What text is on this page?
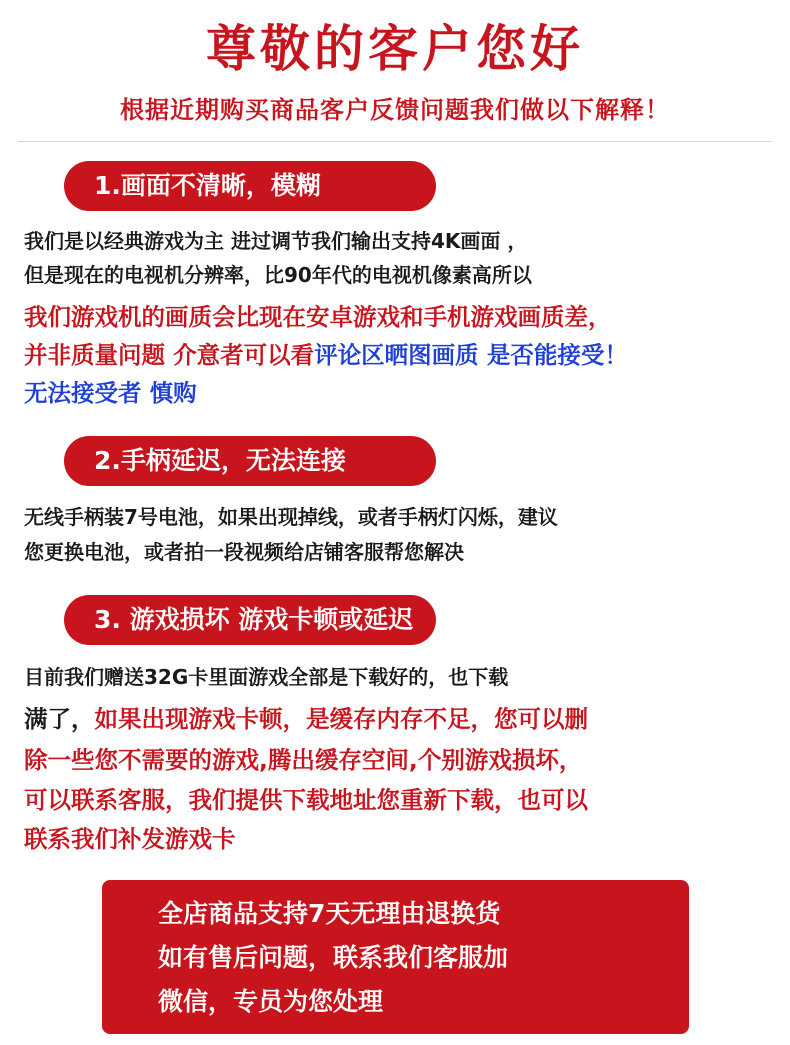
尊敬的客户您好
根据近期购买商品客户反馈问题我们做以下解释！
1.画面不清晰，模糊
我们是以经典游戏为主 进过调节我们输出支持4K画面 ，
但是现在的电视机分辨率，比90年代的电视机像素高所以
我们游戏机的画质会比现在安卓游戏和手机游戏画质差，
并非质量问题 介意者可以看评论区晒图画质 是否能接受！
无法接受者 慎购
2.手柄延迟，无法连接
无线手柄装7号电池，如果出现掉线，或者手柄灯闪烁，建议
您更换电池，或者拍一段视频给店铺客服帮您解决
3. 游戏损坏 游戏卡顿或延迟
目前我们赠送32G卡里面游戏全部是下载好的，也下载
满了，如果出现游戏卡顿，是缓存内存不足，您可以删
除一些您不需要的游戏,腾出缓存空间,个别游戏损坏，
可以联系客服，我们提供下载地址您重新下载，也可以
联系我们补发游戏卡
全店商品支持7天无理由退换货
如有售后问题，联系我们客服加
微信，专员为您处理
